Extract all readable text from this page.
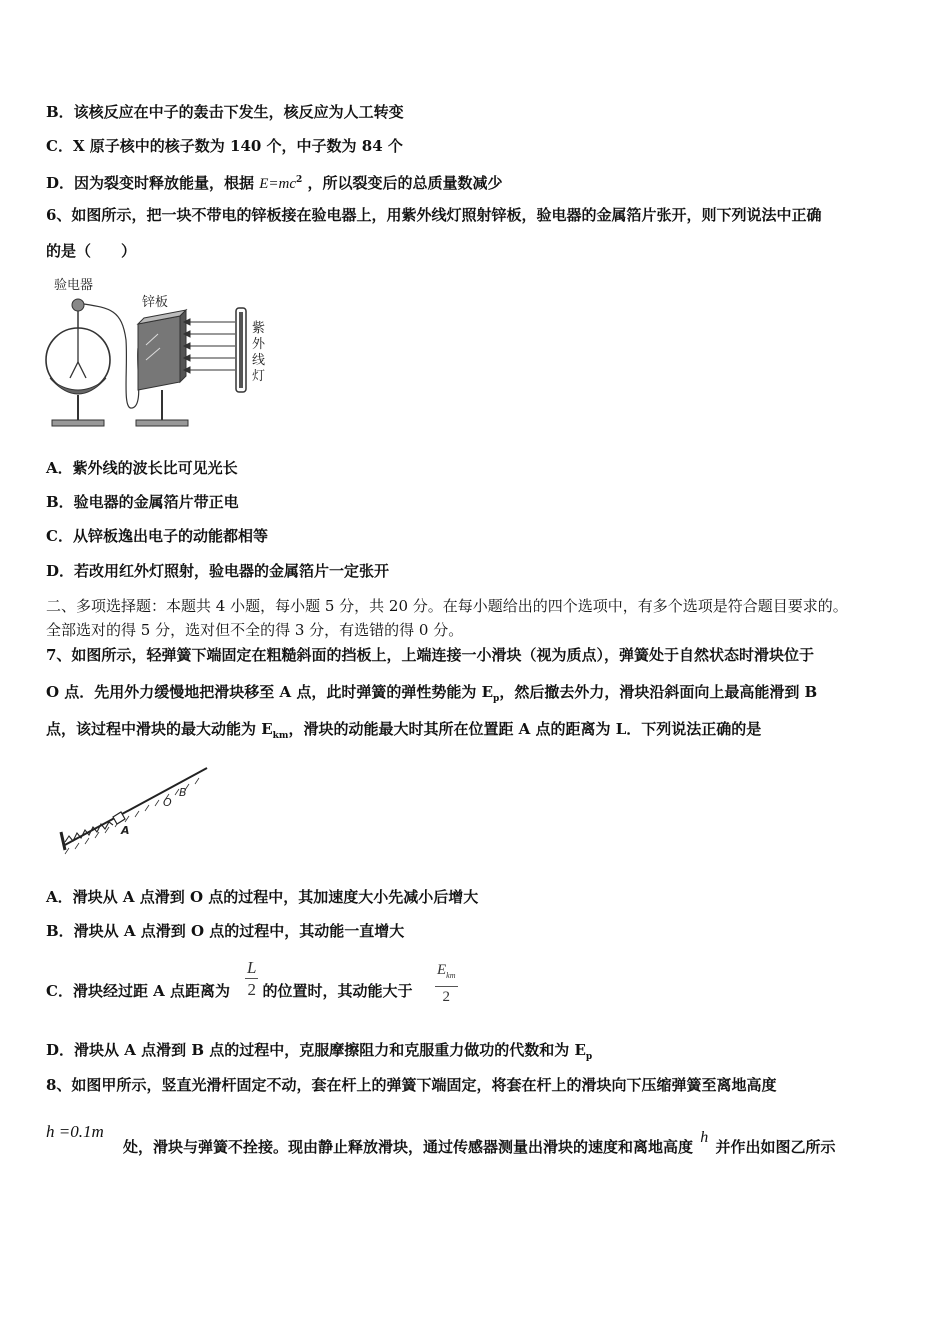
B．该核反应在中子的轰击下发生，核反应为人工转变
C．X 原子核中的核子数为 140 个，中子数为 84 个
D．因为裂变时释放能量，根据 $E=mc^2$ ，所以裂变后的总质量数减少
6、如图所示，把一块不带电的锌板接在验电器上，用紫外线灯照射锌板，验电器的金属箔片张开，则下列说法中正确
的是（　　）
验电器
锌板
紫
外
线
灯
A．紫外线的波长比可见光长
B．验电器的金属箔片带正电
C．从锌板逸出电子的动能都相等
D．若改用红外灯照射，验电器的金属箔片一定张开
二、多项选择题：本题共 4 小题，每小题 5 分，共 20 分。在每小题给出的四个选项中，有多个选项是符合题目要求的。
全部选对的得 5 分，选对但不全的得 3 分，有选错的得 0 分。
7、如图所示，轻弹簧下端固定在粗糙斜面的挡板上，上端连接一小滑块（视为质点），弹簧处于自然状态时滑块位于
O 点．先用外力缓慢地把滑块移至 A 点，此时弹簧的弹性势能为 $E_p$，然后撤去外力，滑块沿斜面向上最高能滑到 B
点，该过程中滑块的最大动能为 $E_{km}$，滑块的动能最大时其所在位置距 A 点的距离为 L．下列说法正确的是
A
O
B
A．滑块从 A 点滑到 O 点的过程中，其加速度大小先减小后增大
B．滑块从 A 点滑到 O 点的过程中，其动能一直增大
C．滑块经过距 A 点距离为 的位置时，其动能大于
$\frac{L}{2}$	$E_{km}$
2
D．滑块从 A 点滑到 B 点的过程中，克服摩擦阻力和克服重力做功的代数和为 $E_p$
8、如图甲所示，竖直光滑杆固定不动，套在杆上的弹簧下端固定，将套在杆上的滑块向下压缩弹簧至离地高度
h =0.1m
处，滑块与弹簧不拴接。现由静止释放滑块，通过传感器测量出滑块的速度和离地高度 h 并作出如图乙所示
